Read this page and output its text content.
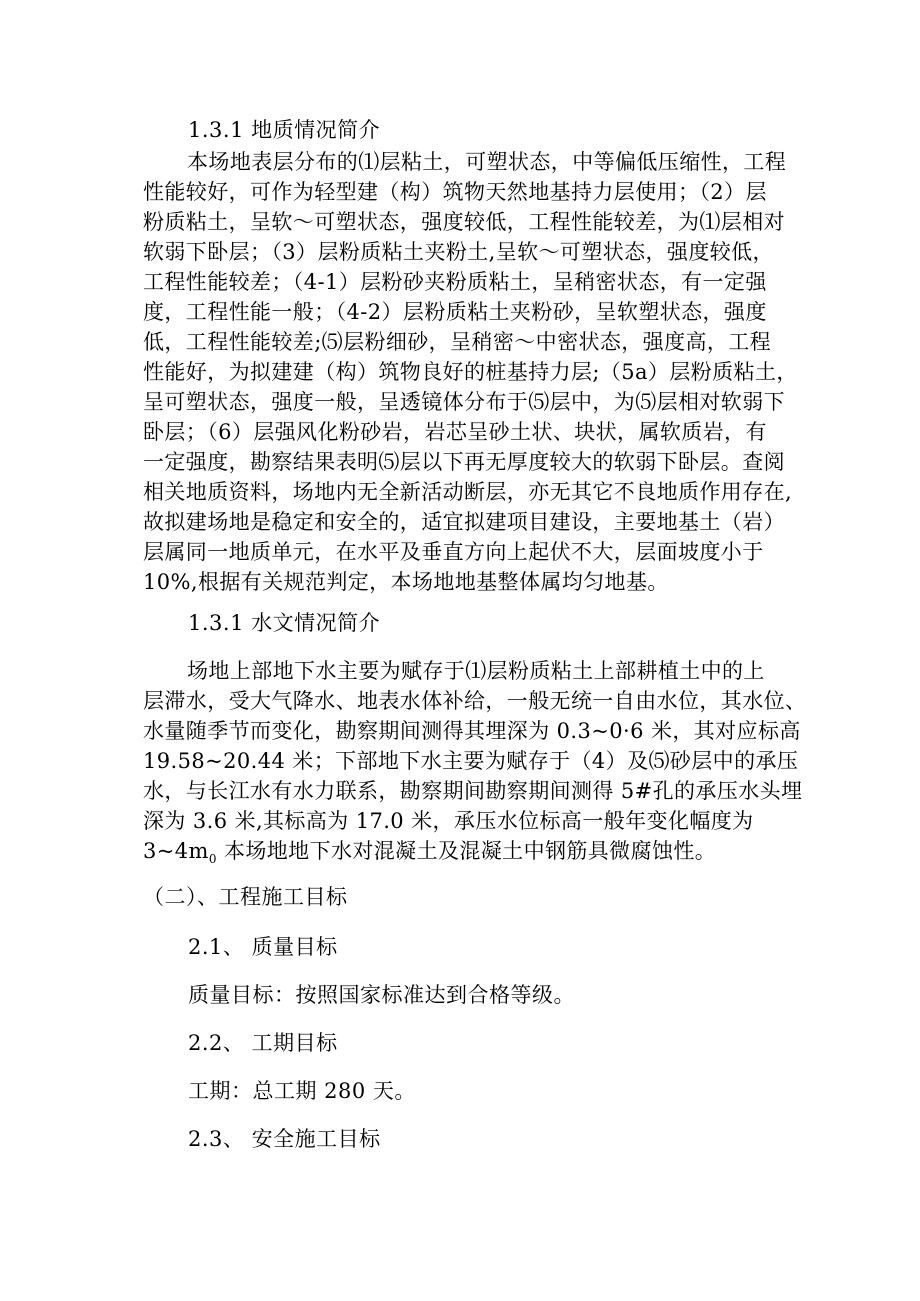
1.3.1 地质情况简介
本场地表层分布的⑴层粘土，可塑状态，中等偏低压缩性，工程
性能较好，可作为轻型建（构）筑物天然地基持力层使用；（2）层
粉质粘土，呈软～可塑状态，强度较低，工程性能较差，为⑴层相对
软弱下卧层；（3）层粉质粘土夹粉土,呈软～可塑状态，强度较低，
工程性能较差；（4-1）层粉砂夹粉质粘土，呈稍密状态，有一定强
度，工程性能一般；（4-2）层粉质粘土夹粉砂，呈软塑状态，强度
低，工程性能较差;⑸层粉细砂，呈稍密～中密状态，强度高，工程
性能好，为拟建建（构）筑物良好的桩基持力层;（5a）层粉质粘土，
呈可塑状态，强度一般，呈透镜体分布于⑸层中，为⑸层相对软弱下
卧层；（6）层强风化粉砂岩，岩芯呈砂土状、块状，属软质岩，有
一定强度，勘察结果表明⑸层以下再无厚度较大的软弱下卧层。查阅
相关地质资料，场地内无全新活动断层，亦无其它不良地质作用存在,
故拟建场地是稳定和安全的，适宜拟建项目建设，主要地基土（岩）
层属同一地质单元，在水平及垂直方向上起伏不大，层面坡度小于
10%,根据有关规范判定，本场地地基整体属均匀地基。
1.3.1 水文情况简介
场地上部地下水主要为赋存于⑴层粉质粘土上部耕植土中的上
层滞水，受大气降水、地表水体补给，一般无统一自由水位，其水位、
水量随季节而变化，勘察期间测得其埋深为 0.3~0·6 米，其对应标高
19.58~20.44 米；下部地下水主要为赋存于（4）及⑸砂层中的承压
水，与长江水有水力联系，勘察期间勘察期间测得 5#孔的承压水头埋
深为 3.6 米,其标高为 17.0 米，承压水位标高一般年变化幅度为
$3\sim 4m_0$ 本场地地下水对混凝土及混凝土中钢筋具微腐蚀性。
（二）、工程施工目标
2.1、 质量目标
质量目标：按照国家标准达到合格等级。
2.2、 工期目标
工期：总工期 280 天。
2.3、 安全施工目标
